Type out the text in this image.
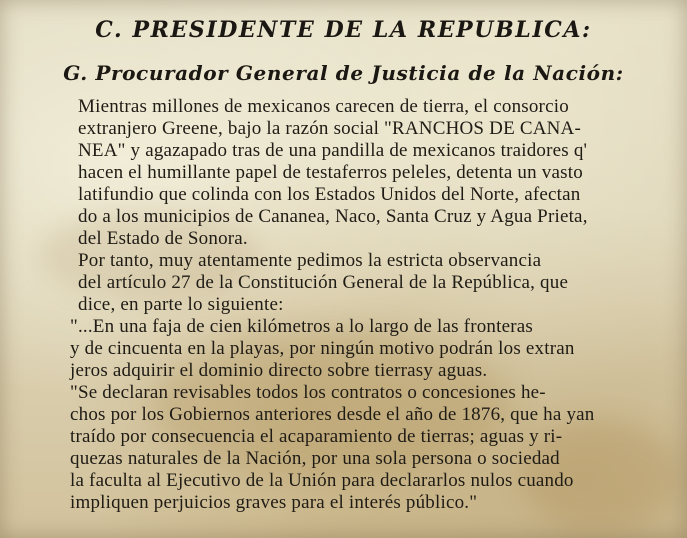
C. PRESIDENTE DE LA REPUBLICA:
G. Procurador General de Justicia de la Nación:

Mientras millones de mexicanos carecen de tierra, el consorcio
extranjero Greene, bajo la razón social "RANCHOS DE CANA-
NEA" y agazapado tras de una pandilla de mexicanos traidores q'
hacen el humillante papel de testaferros peleles, detenta un vasto
latifundio que colinda con los Estados Unidos del Norte, afectan
do a los municipios de Cananea, Naco, Santa Cruz y Agua Prieta,
del Estado de Sonora.

Por tanto, muy atentamente pedimos la estricta observancia
del artículo 27 de la Constitución General de la República, que
dice, en parte lo siguiente:

"...En una faja de cien kilómetros a lo largo de las fronteras
y de cincuenta en la playas, por ningún motivo podrán los extran
jeros adquirir el dominio directo sobre tierrasy aguas.

"Se declaran revisables todos los contratos o concesiones he-
chos por los Gobiernos anteriores desde el año de 1876, que ha yan
traído por consecuencia el acaparamiento de tierras; aguas y ri-
quezas naturales de la Nación, por una sola persona o sociedad
la faculta al Ejecutivo de la Unión para declararlos nulos cuando
impliquen perjuicios graves para el interés público."
